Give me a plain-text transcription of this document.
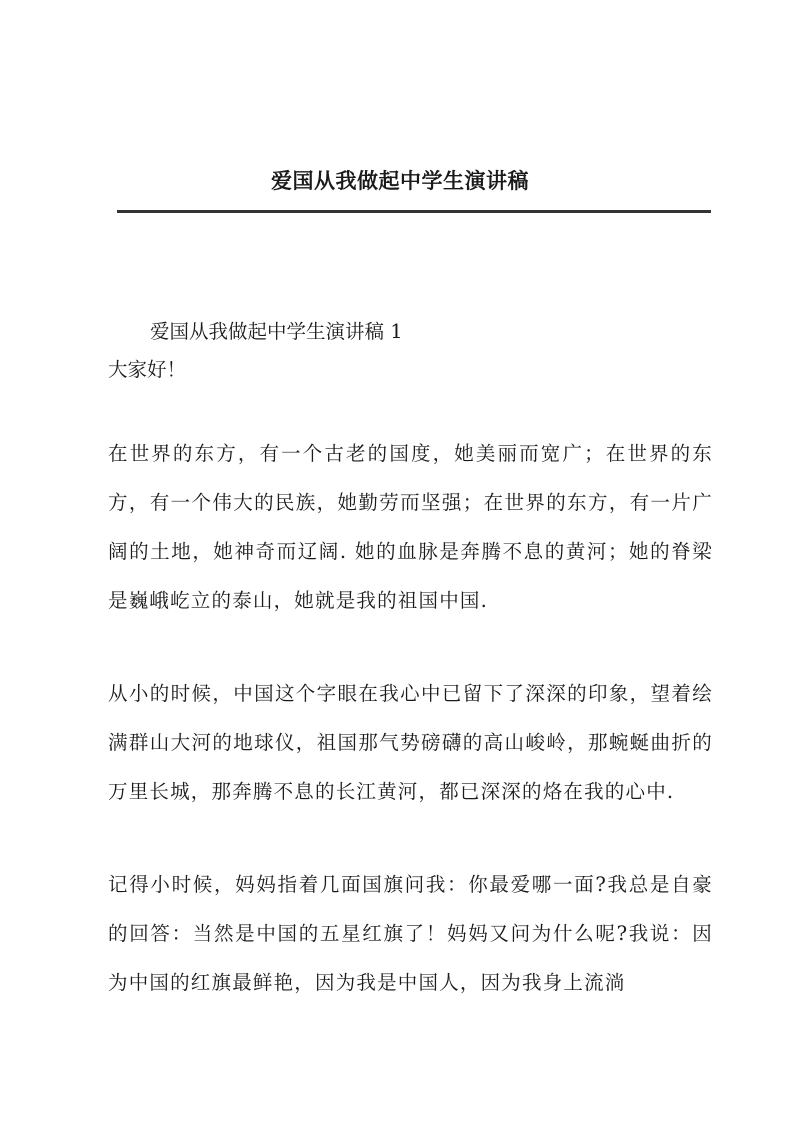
爱国从我做起中学生演讲稿

爱国从我做起中学生演讲稿 1

大家好！

在世界的东方，有一个古老的国度，她美丽而宽广；在世界的东方，有一个伟大的民族，她勤劳而坚强；在世界的东方，有一片广阔的土地，她神奇而辽阔. 她的血脉是奔腾不息的黄河；她的脊梁是巍峨屹立的泰山，她就是我的祖国中国.

从小的时候，中国这个字眼在我心中已留下了深深的印象，望着绘满群山大河的地球仪，祖国那气势磅礴的高山峻岭，那蜿蜒曲折的万里长城，那奔腾不息的长江黄河，都已深深的烙在我的心中.

记得小时候，妈妈指着几面国旗问我：你最爱哪一面?我总是自豪的回答：当然是中国的五星红旗了！妈妈又问为什么呢?我说：因为中国的红旗最鲜艳，因为我是中国人，因为我身上流淌
